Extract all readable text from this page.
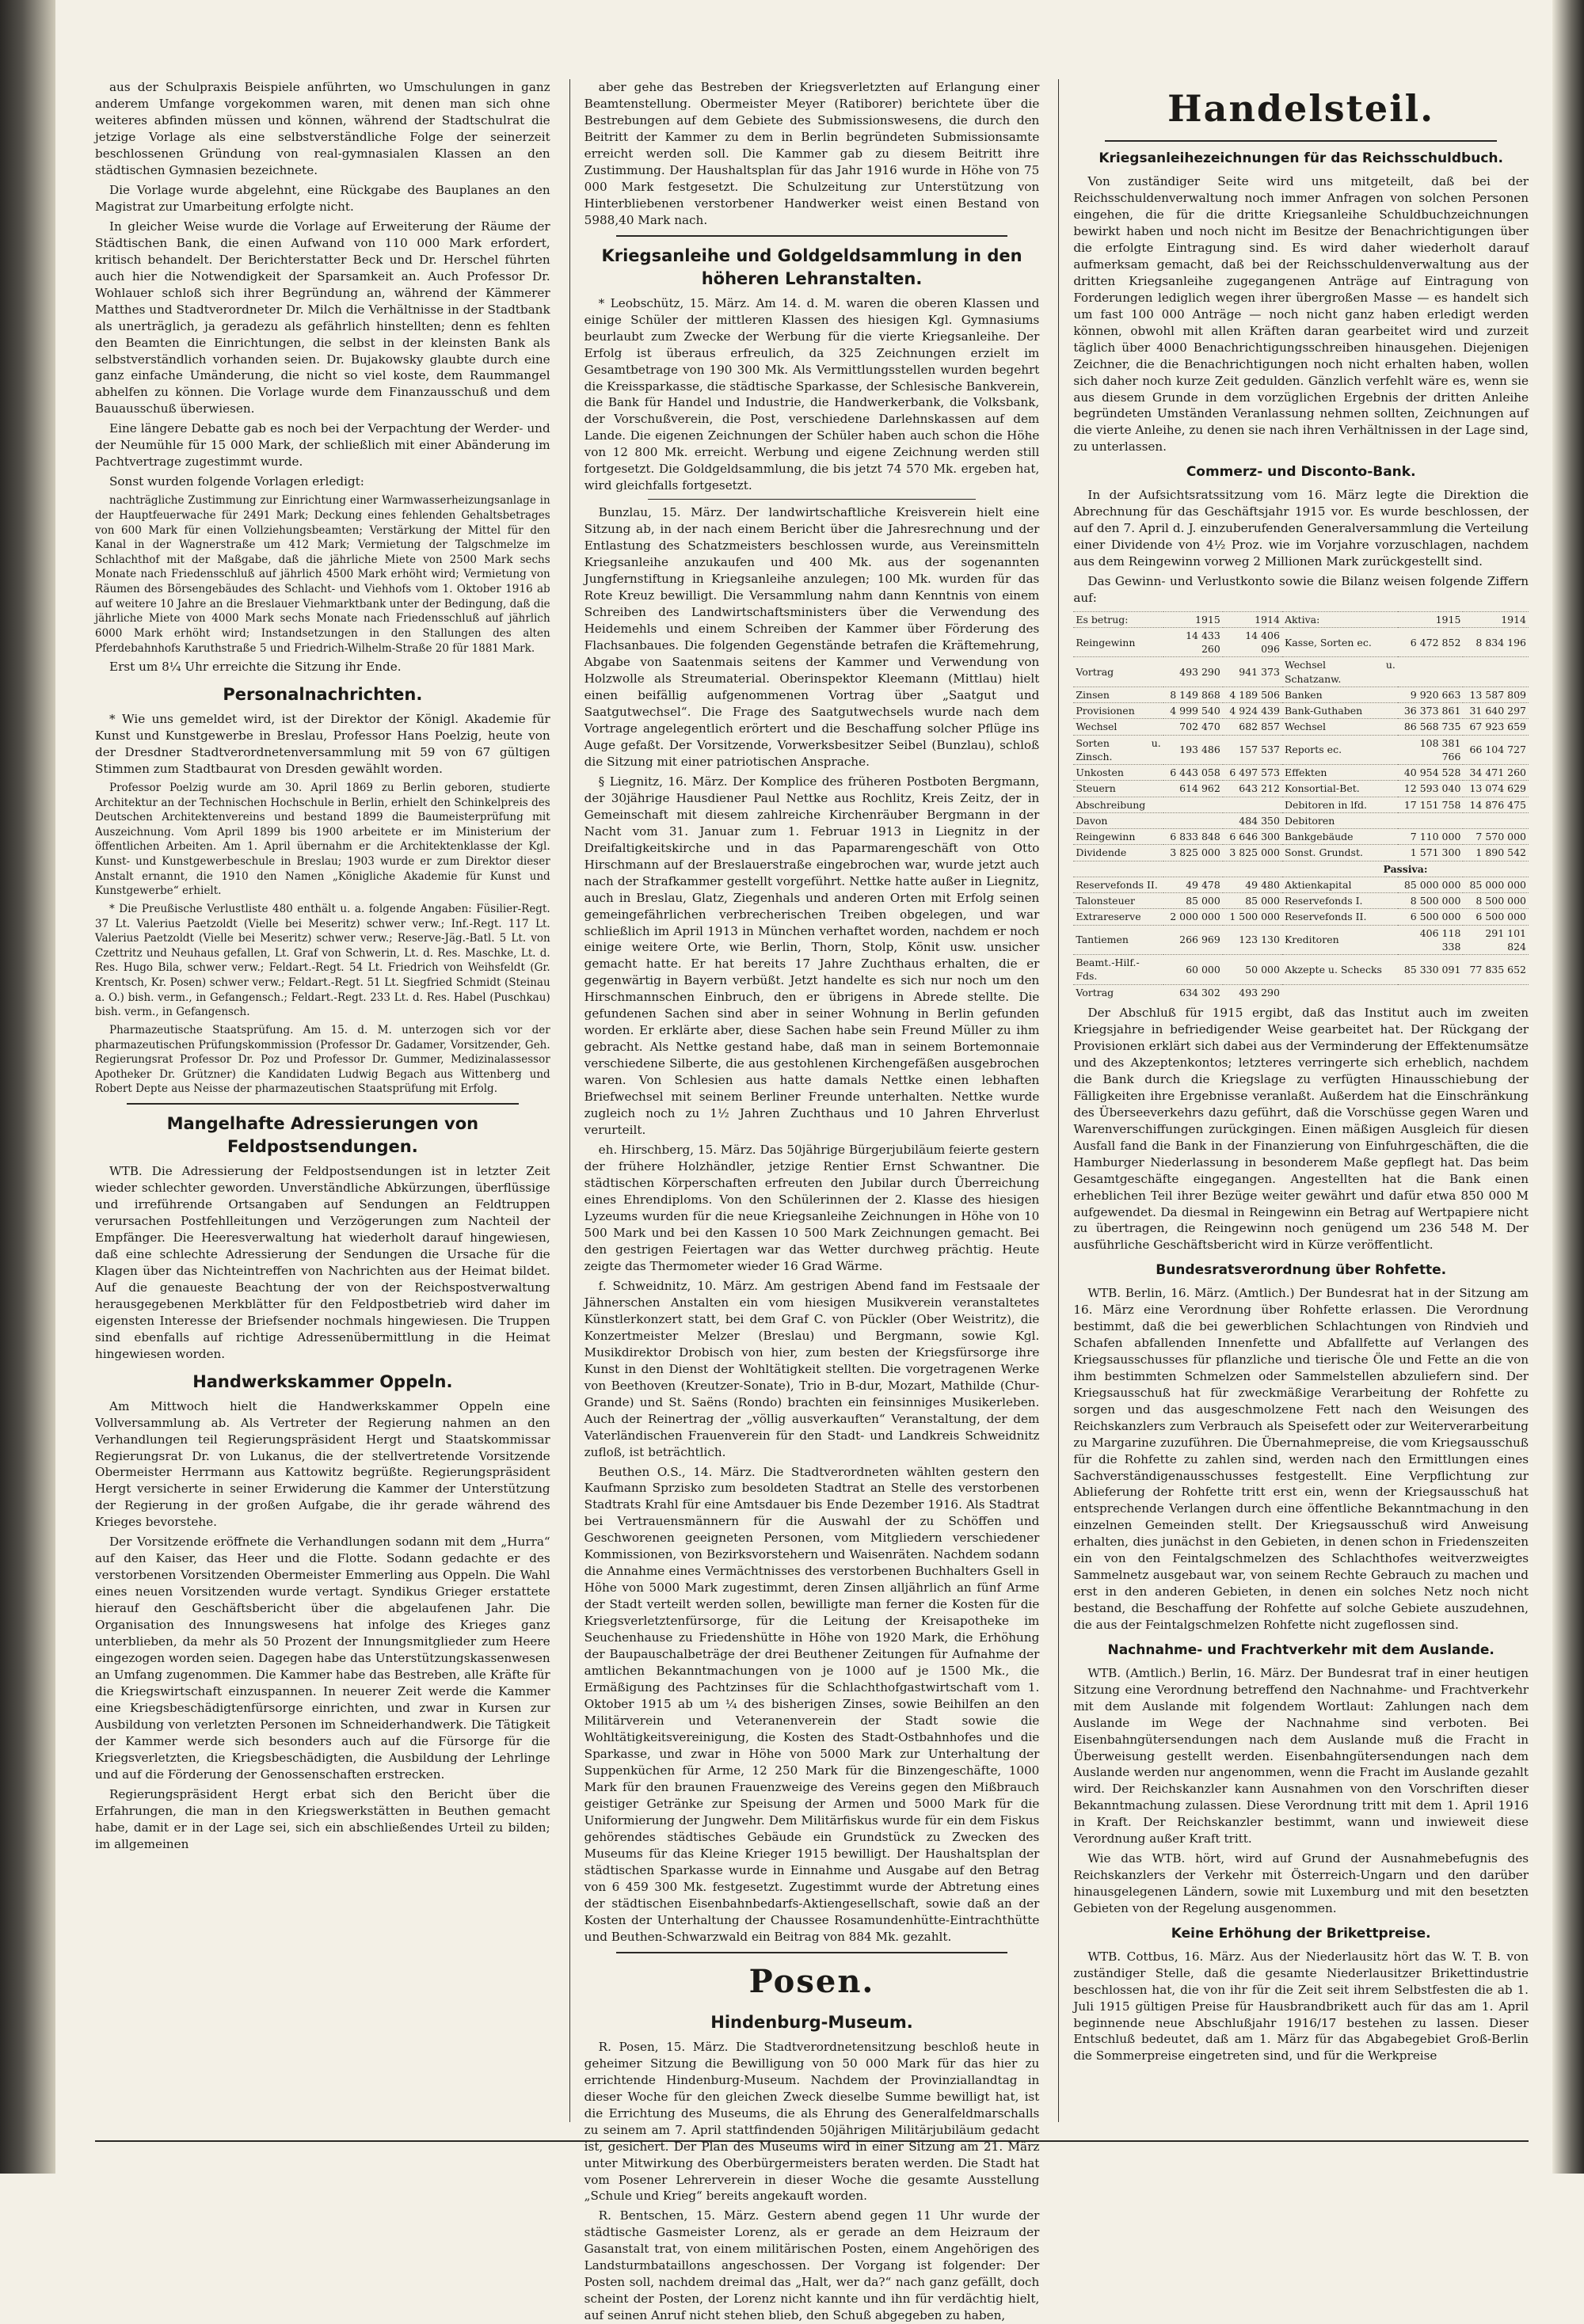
aus der Schulpraxis Beispiele anführten, wo Umschulungen in ganz anderem Umfange vorgekommen waren, mit denen man sich ohne weiteres abfinden müssen und können, während der Stadtschulrat die jetzige Vorlage als eine selbstverständliche Folge der seinerzeit beschlossenen Gründung von real-gymnasialen Klassen an den städtischen Gymnasien bezeichnete.

Die Vorlage wurde abgelehnt, eine Rückgabe des Bauplanes an den Magistrat zur Umarbeitung erfolgte nicht.

In gleicher Weise wurde die Vorlage auf Erweiterung der Räume der Städtischen Bank, die einen Aufwand von 110 000 Mark erfordert, kritisch behandelt. Der Berichterstatter Beck und Dr. Herschel führten auch hier die Notwendigkeit der Sparsamkeit an. Auch Professor Dr. Wohlauer schloß sich ihrer Begründung an, während der Kämmerer Matthes und Stadtverordneter Dr. Milch die Verhältnisse in der Stadtbank als unerträglich, ja geradezu als gefährlich hinstellten; denn es fehlten den Beamten die Einrichtungen, die selbst in der kleinsten Bank als selbstverständlich vorhanden seien. Dr. Bujakowsky glaubte durch eine ganz einfache Umänderung, die nicht so viel koste, dem Raummangel abhelfen zu können. Die Vorlage wurde dem Finanzausschuß und dem Bauausschuß überwiesen.

Eine längere Debatte gab es noch bei der Verpachtung der Werder- und der Neumühle für 15 000 Mark, der schließlich mit einer Abänderung im Pachtvertrage zugestimmt wurde.

Sonst wurden folgende Vorlagen erledigt:

nachträgliche Zustimmung zur Einrichtung einer Warmwasserheizungsanlage in der Hauptfeuerwache für 2491 Mark; Deckung eines fehlenden Gehaltsbetrages von 600 Mark für einen Vollziehungsbeamten; Verstärkung der Mittel für den Kanal in der Wagnerstraße um 412 Mark; Vermietung der Talgschmelze im Schlachthof mit der Maßgabe, daß die jährliche Miete von 2500 Mark sechs Monate nach Friedensschluß auf jährlich 4500 Mark erhöht wird; Vermietung von Räumen des Börsengebäudes des Schlacht- und Viehhofs vom 1. Oktober 1916 ab auf weitere 10 Jahre an die Breslauer Viehmarktbank unter der Bedingung, daß die jährliche Miete von 4000 Mark sechs Monate nach Friedensschluß auf jährlich 6000 Mark erhöht wird; Instandsetzungen in den Stallungen des alten Pferdebahnhofs Karuthstraße 5 und Friedrich-Wilhelm-Straße 20 für 1881 Mark.

Erst um 8¼ Uhr erreichte die Sitzung ihr Ende.

Personalnachrichten.

* Wie uns gemeldet wird, ist der Direktor der Königl. Akademie für Kunst und Kunstgewerbe in Breslau, Professor Hans Poelzig, heute von der Dresdner Stadtverordnetenversammlung mit 59 von 67 gültigen Stimmen zum Stadtbaurat von Dresden gewählt worden.

Professor Poelzig wurde am 30. April 1869 zu Berlin geboren, studierte Architektur an der Technischen Hochschule in Berlin, erhielt den Schinkelpreis des Deutschen Architektenvereins und bestand 1899 die Baumeisterprüfung mit Auszeichnung. Vom April 1899 bis 1900 arbeitete er im Ministerium der öffentlichen Arbeiten. Am 1. April übernahm er die Architektenklasse der Kgl. Kunst- und Kunstgewerbeschule in Breslau; 1903 wurde er zum Direktor dieser Anstalt ernannt, die 1910 den Namen „Königliche Akademie für Kunst und Kunstgewerbe“ erhielt.

* Die Preußische Verlustliste 480 enthält u. a. folgende Angaben: Füsilier-Regt. 37 Lt. Valerius Paetzoldt (Vielle bei Meseritz) schwer verw.; Inf.-Regt. 117 Lt. Valerius Paetzoldt (Vielle bei Meseritz) schwer verw.; Reserve-Jäg.-Batl. 5 Lt. von Czettritz und Neuhaus gefallen, Lt. Graf von Schwerin, Lt. d. Res. Maschke, Lt. d. Res. Hugo Bila, schwer verw.; Feldart.-Regt. 54 Lt. Friedrich von Weihsfeldt (Gr. Krentsch, Kr. Posen) schwer verw.; Feldart.-Regt. 51 Lt. Siegfried Schmidt (Steinau a. O.) bish. verm., in Gefangensch.; Feldart.-Regt. 233 Lt. d. Res. Habel (Puschkau) bish. verm., in Gefangensch.

Pharmazeutische Staatsprüfung. Am 15. d. M. unterzogen sich vor der pharmazeutischen Prüfungskommission (Professor Dr. Gadamer, Vorsitzender, Geh. Regierungsrat Professor Dr. Poz und Professor Dr. Gummer, Medizinalassessor Apotheker Dr. Grützner) die Kandidaten Ludwig Begach aus Wittenberg und Robert Depte aus Neisse der pharmazeutischen Staatsprüfung mit Erfolg.

Mangelhafte Adressierungen von Feldpostsendungen.

WTB. Die Adressierung der Feldpostsendungen ist in letzter Zeit wieder schlechter geworden. Unverständliche Abkürzungen, überflüssige und irreführende Ortsangaben auf Sendungen an Feldtruppen verursachen Postfehlleitungen und Verzögerungen zum Nachteil der Empfänger. Die Heeresverwaltung hat wiederholt darauf hingewiesen, daß eine schlechte Adressierung der Sendungen die Ursache für die Klagen über das Nichteintreffen von Nachrichten aus der Heimat bildet. Auf die genaueste Beachtung der von der Reichspostverwaltung herausgegebenen Merkblätter für den Feldpostbetrieb wird daher im eigensten Interesse der Briefsender nochmals hingewiesen. Die Truppen sind ebenfalls auf richtige Adressenübermittlung in die Heimat hingewiesen worden.

Handwerkskammer Oppeln.

Am Mittwoch hielt die Handwerkskammer Oppeln eine Vollversammlung ab. Als Vertreter der Regierung nahmen an den Verhandlungen teil Regierungspräsident Hergt und Staatskommissar Regierungsrat Dr. von Lukanus, die der stellvertretende Vorsitzende Obermeister Herrmann aus Kattowitz begrüßte. Regierungspräsident Hergt versicherte in seiner Erwiderung die Kammer der Unterstützung der Regierung in der großen Aufgabe, die ihr gerade während des Krieges bevorstehe.

Der Vorsitzende eröffnete die Verhandlungen sodann mit dem „Hurra“ auf den Kaiser, das Heer und die Flotte. Sodann gedachte er des verstorbenen Vorsitzenden Obermeister Emmerling aus Oppeln. Die Wahl eines neuen Vorsitzenden wurde vertagt. Syndikus Grieger erstattete hierauf den Geschäftsbericht über die abgelaufenen Jahr. Die Organisation des Innungswesens hat infolge des Krieges ganz unterblieben, da mehr als 50 Prozent der Innungsmitglieder zum Heere eingezogen worden seien. Dagegen habe das Unterstützungskassenwesen an Umfang zugenommen. Die Kammer habe das Bestreben, alle Kräfte für die Kriegswirtschaft einzuspannen. In neuerer Zeit werde die Kammer eine Kriegsbeschädigtenfürsorge einrichten, und zwar in Kursen zur Ausbildung von verletzten Personen im Schneiderhandwerk. Die Tätigkeit der Kammer werde sich besonders auch auf die Fürsorge für die Kriegsverletzten, die Kriegsbeschädigten, die Ausbildung der Lehrlinge und auf die Förderung der Genossenschaften erstrecken.

Regierungspräsident Hergt erbat sich den Bericht über die Erfahrungen, die man in den Kriegswerkstätten in Beuthen gemacht habe, damit er in der Lage sei, sich ein abschließendes Urteil zu bilden; im allgemeinen

aber gehe das Bestreben der Kriegsverletzten auf Erlangung einer Beamtenstellung. Obermeister Meyer (Ratiborer) berichtete über die Bestrebungen auf dem Gebiete des Submissionswesens, die durch den Beitritt der Kammer zu dem in Berlin begründeten Submissionsamte erreicht werden soll. Die Kammer gab zu diesem Beitritt ihre Zustimmung. Der Haushaltsplan für das Jahr 1916 wurde in Höhe von 75 000 Mark festgesetzt. Die Schulzeitung zur Unterstützung von Hinterbliebenen verstorbener Handwerker weist einen Bestand von 5988,40 Mark nach.

Kriegsanleihe und Goldgeldsammlung in den höheren Lehranstalten.

* Leobschütz, 15. März. Am 14. d. M. waren die oberen Klassen und einige Schüler der mittleren Klassen des hiesigen Kgl. Gymnasiums beurlaubt zum Zwecke der Werbung für die vierte Kriegsanleihe. Der Erfolg ist überaus erfreulich, da 325 Zeichnungen erzielt im Gesamtbetrage von 190 300 Mk. Als Vermittlungsstellen wurden begehrt die Kreissparkasse, die städtische Sparkasse, der Schlesische Bankverein, die Bank für Handel und Industrie, die Handwerkerbank, die Volksbank, der Vorschußverein, die Post, verschiedene Darlehnskassen auf dem Lande. Die eigenen Zeichnungen der Schüler haben auch schon die Höhe von 12 800 Mk. erreicht. Werbung und eigene Zeichnung werden still fortgesetzt. Die Goldgeldsammlung, die bis jetzt 74 570 Mk. ergeben hat, wird gleichfalls fortgesetzt.

Bunzlau, 15. März. Der landwirtschaftliche Kreisverein hielt eine Sitzung ab, in der nach einem Bericht über die Jahresrechnung und der Entlastung des Schatzmeisters beschlossen wurde, aus Vereinsmitteln Kriegsanleihe anzukaufen und 400 Mk. aus der sogenannten Jungfernstiftung in Kriegsanleihe anzulegen; 100 Mk. wurden für das Rote Kreuz bewilligt. Die Versammlung nahm dann Kenntnis von einem Schreiben des Landwirtschaftsministers über die Verwendung des Heidemehls und einem Schreiben der Kammer über Förderung des Flachsanbaues. Die folgenden Gegenstände betrafen die Kräftemehrung, Abgabe von Saatenmais seitens der Kammer und Verwendung von Holzwolle als Streumaterial. Oberinspektor Kleemann (Mittlau) hielt einen beifällig aufgenommenen Vortrag über „Saatgut und Saatgutwechsel“. Die Frage des Saatgutwechsels wurde nach dem Vortrage angelegentlich erörtert und die Beschaffung solcher Pflüge ins Auge gefaßt. Der Vorsitzende, Vorwerksbesitzer Seibel (Bunzlau), schloß die Sitzung mit einer patriotischen Ansprache.

§ Liegnitz, 16. März. Der Komplice des früheren Postboten Bergmann, der 30jährige Hausdiener Paul Nettke aus Rochlitz, Kreis Zeitz, der in Gemeinschaft mit diesem zahlreiche Kirchenräuber Bergmann in der Nacht vom 31. Januar zum 1. Februar 1913 in Liegnitz in der Dreifaltigkeitskirche und in das Paparmarengeschäft von Otto Hirschmann auf der Breslauerstraße eingebrochen war, wurde jetzt auch nach der Strafkammer gestellt vorgeführt. Nettke hatte außer in Liegnitz, auch in Breslau, Glatz, Ziegenhals und anderen Orten mit Erfolg seinen gemeingefährlichen verbrecherischen Treiben obgelegen, und war schließlich im April 1913 in München verhaftet worden, nachdem er noch einige weitere Orte, wie Berlin, Thorn, Stolp, Könit usw. unsicher gemacht hatte. Er hat bereits 17 Jahre Zuchthaus erhalten, die er gegenwärtig in Bayern verbüßt. Jetzt handelte es sich nur noch um den Hirschmannschen Einbruch, den er übrigens in Abrede stellte. Die gefundenen Sachen sind aber in seiner Wohnung in Berlin gefunden worden. Er erklärte aber, diese Sachen habe sein Freund Müller zu ihm gebracht. Als Nettke gestand habe, daß man in seinem Bortemonnaie verschiedene Silberte, die aus gestohlenen Kirchengefäßen ausgebrochen waren. Von Schlesien aus hatte damals Nettke einen lebhaften Briefwechsel mit seinem Berliner Freunde unterhalten. Nettke wurde zugleich noch zu 1½ Jahren Zuchthaus und 10 Jahren Ehrverlust verurteilt.

eh. Hirschberg, 15. März. Das 50jährige Bürgerjubiläum feierte gestern der frühere Holzhändler, jetzige Rentier Ernst Schwantner. Die städtischen Körperschaften erfreuten den Jubilar durch Überreichung eines Ehrendiploms. Von den Schülerinnen der 2. Klasse des hiesigen Lyzeums wurden für die neue Kriegsanleihe Zeichnungen in Höhe von 10 500 Mark und bei den Kassen 10 500 Mark Zeichnungen gemacht. Bei den gestrigen Feiertagen war das Wetter durchweg prächtig. Heute zeigte das Thermometer wieder 16 Grad Wärme.

f. Schweidnitz, 10. März. Am gestrigen Abend fand im Festsaale der Jähnerschen Anstalten ein vom hiesigen Musikverein veranstaltetes Künstlerkonzert statt, bei dem Graf C. von Pückler (Ober Weistritz), die Konzertmeister Melzer (Breslau) und Bergmann, sowie Kgl. Musikdirektor Drobisch von hier, zum besten der Kriegsfürsorge ihre Kunst in den Dienst der Wohltätigkeit stellten. Die vorgetragenen Werke von Beethoven (Kreutzer-Sonate), Trio in B-dur, Mozart, Mathilde (Chur-Grande) und St. Saëns (Rondo) brachten ein feinsinniges Musikerleben. Auch der Reinertrag der „völlig ausverkauften“ Veranstaltung, der dem Vaterländischen Frauenverein für den Stadt- und Landkreis Schweidnitz zufloß, ist beträchtlich.

Beuthen O.S., 14. März. Die Stadtverordneten wählten gestern den Kaufmann Sprzisko zum besoldeten Stadtrat an Stelle des verstorbenen Stadtrats Krahl für eine Amtsdauer bis Ende Dezember 1916. Als Stadtrat bei Vertrauensmännern für die Auswahl der zu Schöffen und Geschworenen geeigneten Personen, vom Mitgliedern verschiedener Kommissionen, von Bezirksvorstehern und Waisenräten. Nachdem sodann die Annahme eines Vermächtnisses des verstorbenen Buchhalters Gsell in Höhe von 5000 Mark zugestimmt, deren Zinsen alljährlich an fünf Arme der Stadt verteilt werden sollen, bewilligte man ferner die Kosten für die Kriegsverletztenfürsorge, für die Leitung der Kreisapotheke im Seuchenhause zu Friedenshütte in Höhe von 1920 Mark, die Erhöhung der Baupauschalbeträge der drei Beuthener Zeitungen für Aufnahme der amtlichen Bekanntmachungen von je 1000 auf je 1500 Mk., die Ermäßigung des Pachtzinses für die Schlachthofgastwirtschaft vom 1. Oktober 1915 ab um ¼ des bisherigen Zinses, sowie Beihilfen an den Militärverein und Veteranenverein der Stadt sowie die Wohltätigkeitsvereinigung, die Kosten des Stadt-Ostbahnhofes und die Sparkasse, und zwar in Höhe von 5000 Mark zur Unterhaltung der Suppenküchen für Arme, 12 250 Mark für die Binzengeschäfte, 1000 Mark für den braunen Frauenzweige des Vereins gegen den Mißbrauch geistiger Getränke zur Speisung der Armen und 5000 Mark für die Uniformierung der Jungwehr. Dem Militärfiskus wurde für ein dem Fiskus gehörendes städtisches Gebäude ein Grundstück zu Zwecken des Museums für das Kleine Krieger 1915 bewilligt. Der Haushaltsplan der städtischen Sparkasse wurde in Einnahme und Ausgabe auf den Betrag von 6 459 300 Mk. festgesetzt. Zugestimmt wurde der Abtretung eines der städtischen Eisenbahnbedarfs-Aktiengesellschaft, sowie daß an der Kosten der Unterhaltung der Chaussee Rosamundenhütte-Eintrachthütte und Beuthen-Schwarzwald ein Beitrag von 884 Mk. gezahlt.

Posen.
Hindenburg-Museum.

R. Posen, 15. März. Die Stadtverordnetensitzung beschloß heute in geheimer Sitzung die Bewilligung von 50 000 Mark für das hier zu errichtende Hindenburg-Museum. Nachdem der Provinziallandtag in dieser Woche für den gleichen Zweck dieselbe Summe bewilligt hat, ist die Errichtung des Museums, die als Ehrung des Generalfeldmarschalls zu seinem am 7. April stattfindenden 50jährigen Militärjubiläum gedacht ist, gesichert. Der Plan des Museums wird in einer Sitzung am 21. März unter Mitwirkung des Oberbürgermeisters beraten werden. Die Stadt hat vom Posener Lehrerverein in dieser Woche die gesamte Ausstellung „Schule und Krieg“ bereits angekauft worden.

R. Bentschen, 15. März. Gestern abend gegen 11 Uhr wurde der städtische Gasmeister Lorenz, als er gerade an dem Heizraum der Gasanstalt trat, von einem militärischen Posten, einem Angehörigen des Landsturmbataillons angeschossen. Der Vorgang ist folgender: Der Posten soll, nachdem dreimal das „Halt, wer da?“ nach ganz gefällt, doch scheint der Posten, der Lorenz nicht kannte und ihn für verdächtig hielt, auf seinen Anruf nicht stehen blieb, den Schuß abgegeben zu haben,

Handelsteil.
Kriegsanleihezeichnungen für das Reichsschuldbuch.

Von zuständiger Seite wird uns mitgeteilt, daß bei der Reichsschuldenverwaltung noch immer Anfragen von solchen Personen eingehen, die für die dritte Kriegsanleihe Schuldbuchzeichnungen bewirkt haben und noch nicht im Besitze der Benachrichtigungen über die erfolgte Eintragung sind. Es wird daher wiederholt darauf aufmerksam gemacht, daß bei der Reichsschuldenverwaltung aus der dritten Kriegsanleihe zugegangenen Anträge auf Eintragung von Forderungen lediglich wegen ihrer übergroßen Masse — es handelt sich um fast 100 000 Anträge — noch nicht ganz haben erledigt werden können, obwohl mit allen Kräften daran gearbeitet wird und zurzeit täglich über 4000 Benachrichtigungsschreiben hinausgehen. Diejenigen Zeichner, die die Benachrichtigungen noch nicht erhalten haben, wollen sich daher noch kurze Zeit gedulden. Gänzlich verfehlt wäre es, wenn sie aus diesem Grunde in dem vorzüglichen Ergebnis der dritten Anleihe begründeten Umständen Veranlassung nehmen sollten, Zeichnungen auf die vierte Anleihe, zu denen sie nach ihren Verhältnissen in der Lage sind, zu unterlassen.

Commerz- und Disconto-Bank.

In der Aufsichtsratssitzung vom 16. März legte die Direktion die Abrechnung für das Geschäftsjahr 1915 vor. Es wurde beschlossen, der auf den 7. April d. J. einzuberufenden Generalversammlung die Verteilung einer Dividende von 4½ Proz. wie im Vorjahre vorzuschlagen, nachdem aus dem Reingewinn vorweg 2 Millionen Mark zurückgestellt sind.

Das Gewinn- und Verlustkonto sowie die Bilanz weisen folgende Ziffern auf:

Es betrug:	1915	1914	Aktiva:	1915	1914
Reingewinn	14 433 260	14 406 096	Kasse, Sorten ec.	6 472 852	8 834 196
Vortrag	493 290	941 373	Wechsel u. Schatzanw.		
Zinsen	8 149 868	4 189 506	Banken	9 920 663	13 587 809
Provisionen	4 999 540	4 924 439	Bank-Guthaben	36 373 861	31 640 297
Wechsel	702 470	682 857	Wechsel	86 568 735	67 923 659
Sorten u. Zinsch.	193 486	157 537	Reports ec.	108 381 766	66 104 727
Unkosten	6 443 058	6 497 573	Effekten	40 954 528	34 471 260
Steuern	614 962	643 212	Konsortial-Bet.	12 593 040	13 074 629
Abschreibung			Debitoren in lfd.	17 151 758	14 876 475
Davon		484 350	Debitoren		
Reingewinn	6 833 848	6 646 300	Bankgebäude	7 110 000	7 570 000
Dividende	3 825 000	3 825 000	Sonst. Grundst.	1 571 300	1 890 542
			Passiva:		
Reservefonds II.	49 478	49 480	Aktienkapital	85 000 000	85 000 000
Talonsteuer	85 000	85 000	Reservefonds I.	8 500 000	8 500 000
Extrareserve	2 000 000	1 500 000	Reservefonds II.	6 500 000	6 500 000
Tantiemen	266 969	123 130	Kreditoren	406 118 338	291 101 824
Beamt.-Hilf.-Fds.	60 000	50 000	Akzepte u. Schecks	85 330 091	77 835 652
Vortrag	634 302	493 290			

Der Abschluß für 1915 ergibt, daß das Institut auch im zweiten Kriegsjahre in befriedigender Weise gearbeitet hat. Der Rückgang der Provisionen erklärt sich dabei aus der Verminderung der Effektenumsätze und des Akzeptenkontos; letzteres verringerte sich erheblich, nachdem die Bank durch die Kriegslage zu verfügten Hinausschiebung der Fälligkeiten ihre Ergebnisse veranlaßt. Außerdem hat die Einschränkung des Überseeverkehrs dazu geführt, daß die Vorschüsse gegen Waren und Warenverschiffungen zurückgingen. Einen mäßigen Ausgleich für diesen Ausfall fand die Bank in der Finanzierung von Einfuhrgeschäften, die die Hamburger Niederlassung in besonderem Maße gepflegt hat. Das beim Gesamtgeschäfte eingegangen. Angestellten hat die Bank einen erheblichen Teil ihrer Bezüge weiter gewährt und dafür etwa 850 000 M aufgewendet. Da diesmal in Reingewinn ein Betrag auf Wertpapiere nicht zu übertragen, die Reingewinn noch genügend um 236 548 M. Der ausführliche Geschäftsbericht wird in Kürze veröffentlicht.

Bundesratsverordnung über Rohfette.

WTB. Berlin, 16. März. (Amtlich.) Der Bundesrat hat in der Sitzung am 16. März eine Verordnung über Rohfette erlassen. Die Verordnung bestimmt, daß die bei gewerblichen Schlachtungen von Rindvieh und Schafen abfallenden Innenfette und Abfallfette auf Verlangen des Kriegsausschusses für pflanzliche und tierische Öle und Fette an die von ihm bestimmten Schmelzen oder Sammelstellen abzuliefern sind. Der Kriegsausschuß hat für zweckmäßige Verarbeitung der Rohfette zu sorgen und das ausgeschmolzene Fett nach den Weisungen des Reichskanzlers zum Verbrauch als Speisefett oder zur Weiterverarbeitung zu Margarine zuzuführen. Die Übernahmepreise, die vom Kriegsausschuß für die Rohfette zu zahlen sind, werden nach den Ermittlungen eines Sachverständigenausschusses festgestellt. Eine Verpflichtung zur Ablieferung der Rohfette tritt erst ein, wenn der Kriegsausschuß hat entsprechende Verlangen durch eine öffentliche Bekanntmachung in den einzelnen Gemeinden stellt. Der Kriegsausschuß wird Anweisung erhalten, dies junächst in den Gebieten, in denen schon in Friedenszeiten ein von den Feintalgschmelzen des Schlachthofes weitverzweigtes Sammelnetz ausgebaut war, von seinem Rechte Gebrauch zu machen und erst in den anderen Gebieten, in denen ein solches Netz noch nicht bestand, die Beschaffung der Rohfette auf solche Gebiete auszudehnen, die aus der Feintalgschmelzen Rohfette nicht zugeflossen sind.

Nachnahme- und Frachtverkehr mit dem Auslande.

WTB. (Amtlich.) Berlin, 16. März. Der Bundesrat traf in einer heutigen Sitzung eine Verordnung betreffend den Nachnahme- und Frachtverkehr mit dem Auslande mit folgendem Wortlaut: Zahlungen nach dem Auslande im Wege der Nachnahme sind verboten. Bei Eisenbahngütersendungen nach dem Auslande muß die Fracht in Überweisung gestellt werden. Eisenbahngütersendungen nach dem Auslande werden nur angenommen, wenn die Fracht im Auslande gezahlt wird. Der Reichskanzler kann Ausnahmen von den Vorschriften dieser Bekanntmachung zulassen. Diese Verordnung tritt mit dem 1. April 1916 in Kraft. Der Reichskanzler bestimmt, wann und inwieweit diese Verordnung außer Kraft tritt.

Wie das WTB. hört, wird auf Grund der Ausnahmebefugnis des Reichskanzlers der Verkehr mit Österreich-Ungarn und den darüber hinausgelegenen Ländern, sowie mit Luxemburg und mit den besetzten Gebieten von der Regelung ausgenommen.

Keine Erhöhung der Brikettpreise.

WTB. Cottbus, 16. März. Aus der Niederlausitz hört das W. T. B. von zuständiger Stelle, daß die gesamte Niederlausitzer Brikettindustrie beschlossen hat, die von ihr für die Zeit seit ihrem Selbstfesten die ab 1. Juli 1915 gültigen Preise für Hausbrandbrikett auch für das am 1. April beginnende neue Abschlußjahr 1916/17 bestehen zu lassen. Dieser Entschluß bedeutet, daß am 1. März für das Abgabegebiet Groß-Berlin die Sommerpreise eingetreten sind, und für die Werkpreise
